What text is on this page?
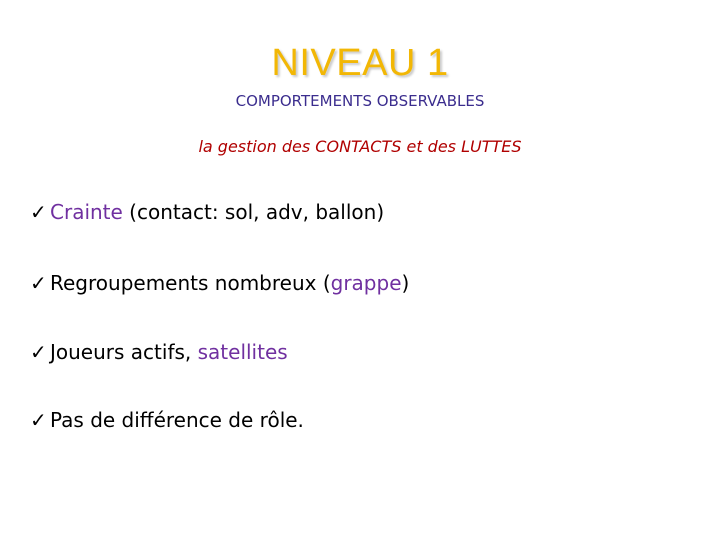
NIVEAU 1
COMPORTEMENTS OBSERVABLES
la gestion des CONTACTS et des LUTTES
✓ Crainte (contact: sol, adv, ballon)
✓ Regroupements nombreux (grappe)
✓ Joueurs actifs, satellites
✓ Pas de différence de rôle.
